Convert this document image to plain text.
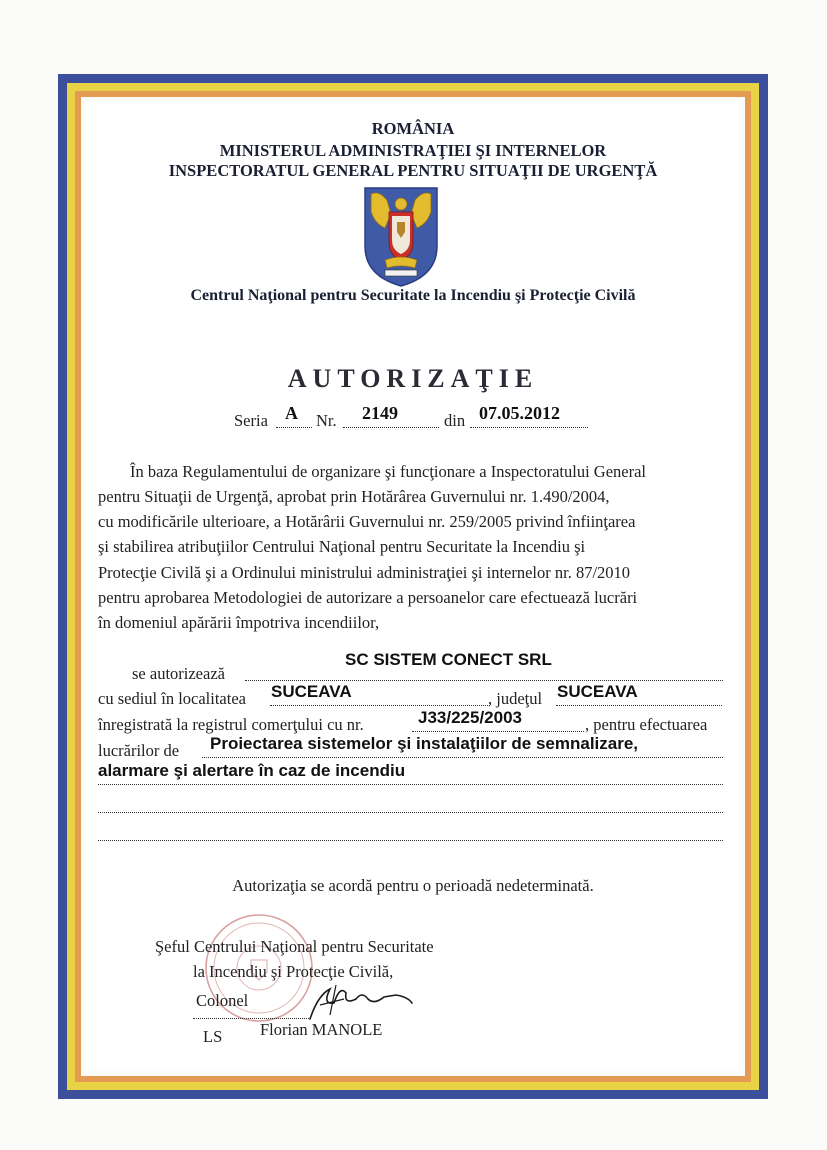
ROMÂNIA
MINISTERUL ADMINISTRAŢIEI ŞI INTERNELOR
INSPECTORATUL GENERAL PENTRU SITUAŢII DE URGENŢĂ
Centrul Naţional pentru Securitate la Incendiu şi Protecţie Civilă
AUTORIZAŢIE
Seria A Nr. 2149	din 07.05.2012
În baza Regulamentului de organizare şi funcţionare a Inspectoratului General
pentru Situaţii de Urgenţă, aprobat prin Hotărârea Guvernului nr. 1.490/2004,
cu modificările ulterioare, a Hotărârii Guvernului nr. 259/2005 privind înfiinţarea
şi stabilirea atribuţiilor Centrului Naţional pentru Securitate la Incendiu şi
Protecţie Civilă şi a Ordinului ministrului administraţiei şi internelor nr. 87/2010
pentru aprobarea Metodologiei de autorizare a persoanelor care efectuează lucrări
în domeniul apărării împotriva incendiilor,
se autorizează
SC SISTEM CONECT SRL
cu sediul în localitatea SUCEAVA	, judeţul SUCEAVA
înregistrată la registrul comerţului cu nr.	J33/225/2003	, pentru efectuarea
lucrărilor de Proiectarea sistemelor şi instalaţiilor de semnalizare,
alarmare şi alertare în caz de incendiu
Autorizaţia se acordă pentru o perioadă nedeterminată.
Şeful Centrului Naţional pentru Securitate
la Incendiu şi Protecţie Civilă,
Colonel
LS Florian MANOLE
